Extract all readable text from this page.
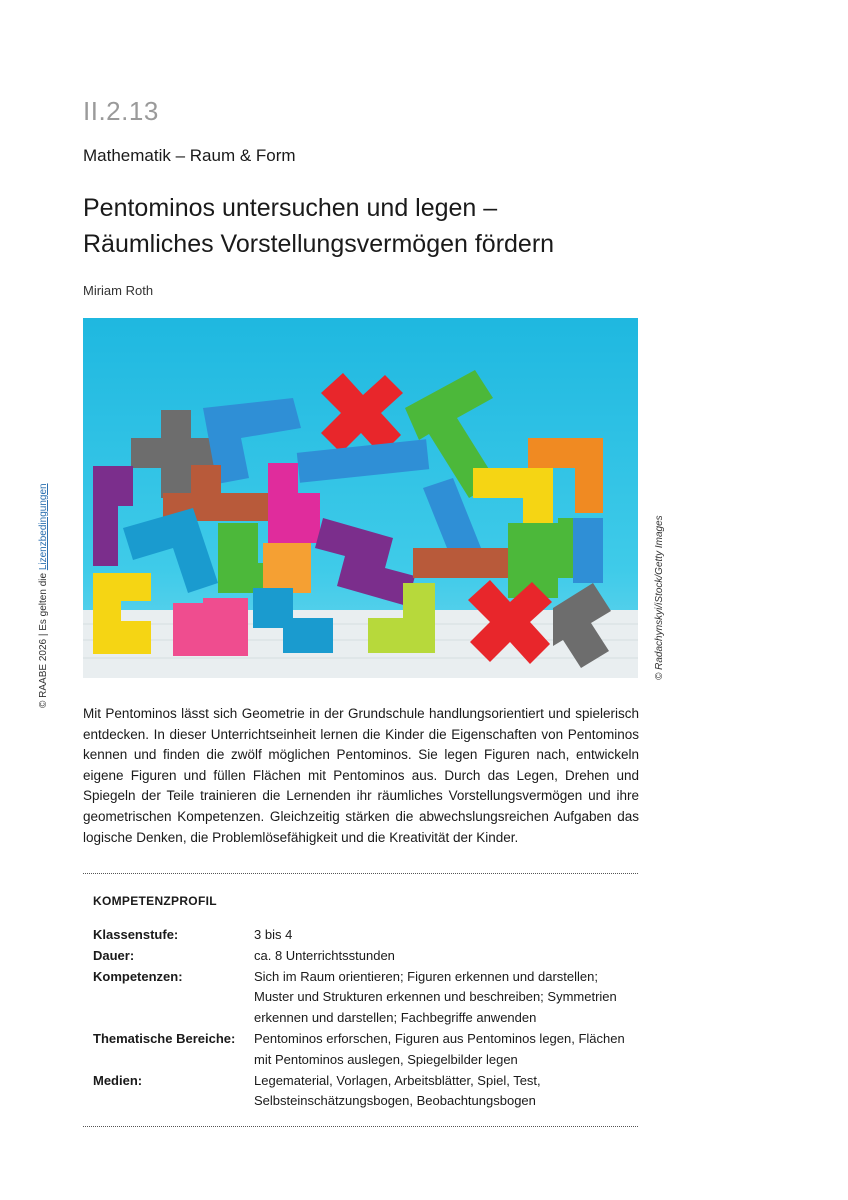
II.2.13
Mathematik – Raum & Form
Pentominos untersuchen und legen –
Räumliches Vorstellungsvermögen fördern
Miriam Roth
© Radachynskyi/iStock/Getty Images
© RAABE 2026 | Es gelten die Lizenzbedingungen
Mit Pentominos lässt sich Geometrie in der Grundschule handlungsorientiert und spielerisch entdecken. In dieser Unterrichtseinheit lernen die Kinder die Eigenschaften von Pentominos kennen und finden die zwölf möglichen Pentominos. Sie legen Figuren nach, entwickeln eigene Figuren und füllen Flächen mit Pentominos aus. Durch das Legen, Drehen und Spiegeln der Teile trainieren die Lernenden ihr räumliches Vorstellungsvermögen und ihre geometrischen Kompetenzen. Gleichzeitig stärken die abwechslungsreichen Aufgaben das logische Denken, die Problemlösefähigkeit und die Kreativität der Kinder.
KOMPETENZPROFIL
Klassenstufe:	3 bis 4
Dauer:	ca. 8 Unterrichtsstunden
Kompetenzen:	Sich im Raum orientieren; Figuren erkennen und darstellen; Muster und Strukturen erkennen und beschreiben; Symmetrien erkennen und darstellen; Fachbegriffe anwenden
Thematische Bereiche:	Pentominos erforschen, Figuren aus Pentominos legen, Flächen mit Pentominos auslegen, Spiegelbilder legen
Medien:	Legematerial, Vorlagen, Arbeitsblätter, Spiel, Test, Selbsteinschätzungsbogen, Beobachtungsbogen
